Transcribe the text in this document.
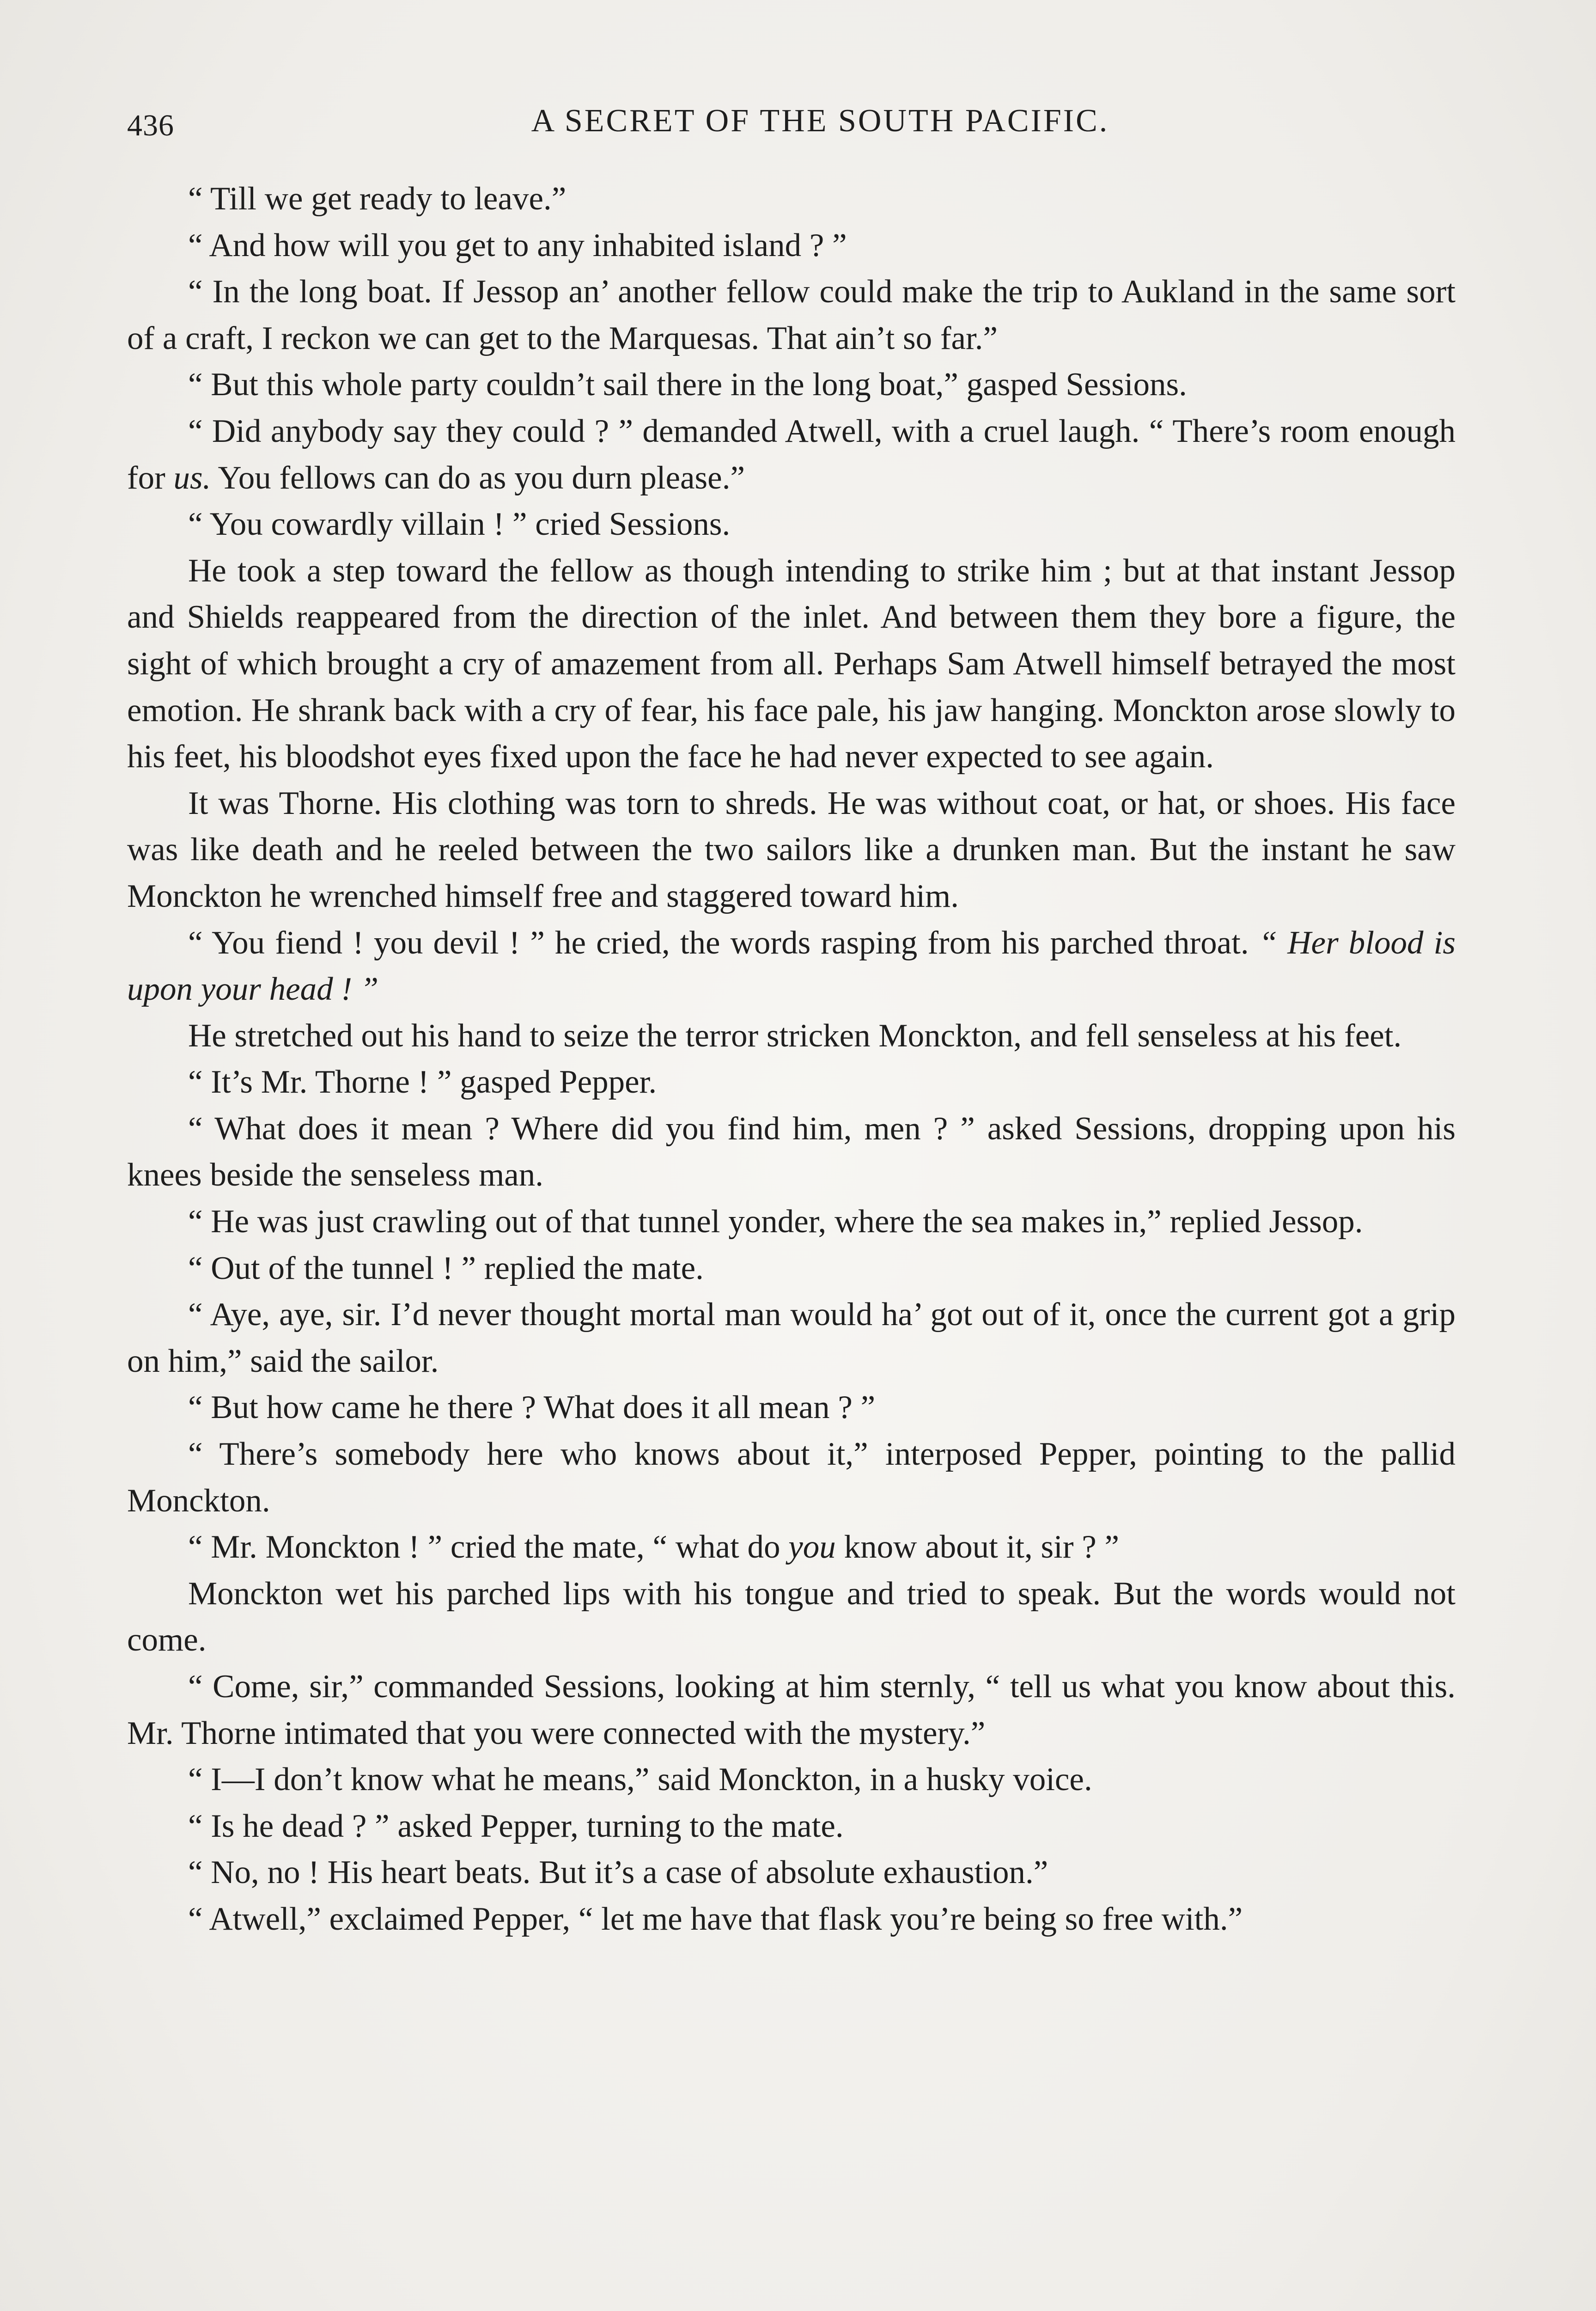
436	A SECRET OF THE SOUTH PACIFIC.

“ Till we get ready to leave.”

“ And how will you get to any inhabited island ? ”

“ In the long boat. If Jessop an’ another fellow could make the trip to Aukland in the same sort of a craft, I reckon we can get to the Marquesas. That ain’t so far.”

“ But this whole party couldn’t sail there in the long boat,” gasped Sessions.

“ Did anybody say they could ? ” demanded Atwell, with a cruel laugh. “ There’s room enough for us. You fellows can do as you durn please.”

“ You cowardly villain ! ” cried Sessions.

He took a step toward the fellow as though intending to strike him ; but at that instant Jessop and Shields reappeared from the direction of the inlet. And between them they bore a figure, the sight of which brought a cry of amazement from all. Perhaps Sam Atwell himself betrayed the most emotion. He shrank back with a cry of fear, his face pale, his jaw hanging. Monckton arose slowly to his feet, his bloodshot eyes fixed upon the face he had never expected to see again.

It was Thorne. His clothing was torn to shreds. He was without coat, or hat, or shoes. His face was like death and he reeled between the two sailors like a drunken man. But the instant he saw Monckton he wrenched himself free and staggered toward him.

“ You fiend ! you devil ! ” he cried, the words rasping from his parched throat. “ Her blood is upon your head ! ”

He stretched out his hand to seize the terror stricken Monckton, and fell senseless at his feet.

“ It’s Mr. Thorne ! ” gasped Pepper.

“ What does it mean ? Where did you find him, men ? ” asked Sessions, dropping upon his knees beside the senseless man.

“ He was just crawling out of that tunnel yonder, where the sea makes in,” replied Jessop.

“ Out of the tunnel ! ” replied the mate.

“ Aye, aye, sir. I’d never thought mortal man would ha’ got out of it, once the current got a grip on him,” said the sailor.

“ But how came he there ? What does it all mean ? ”

“ There’s somebody here who knows about it,” interposed Pepper, pointing to the pallid Monckton.

“ Mr. Monckton ! ” cried the mate, “ what do you know about it, sir ? ”

Monckton wet his parched lips with his tongue and tried to speak. But the words would not come.

“ Come, sir,” commanded Sessions, looking at him sternly, “ tell us what you know about this. Mr. Thorne intimated that you were connected with the mystery.”

“ I—I don’t know what he means,” said Monckton, in a husky voice.

“ Is he dead ? ” asked Pepper, turning to the mate.

“ No, no ! His heart beats. But it’s a case of absolute exhaustion.”

“ Atwell,” exclaimed Pepper, “ let me have that flask you’re being so free with.”
